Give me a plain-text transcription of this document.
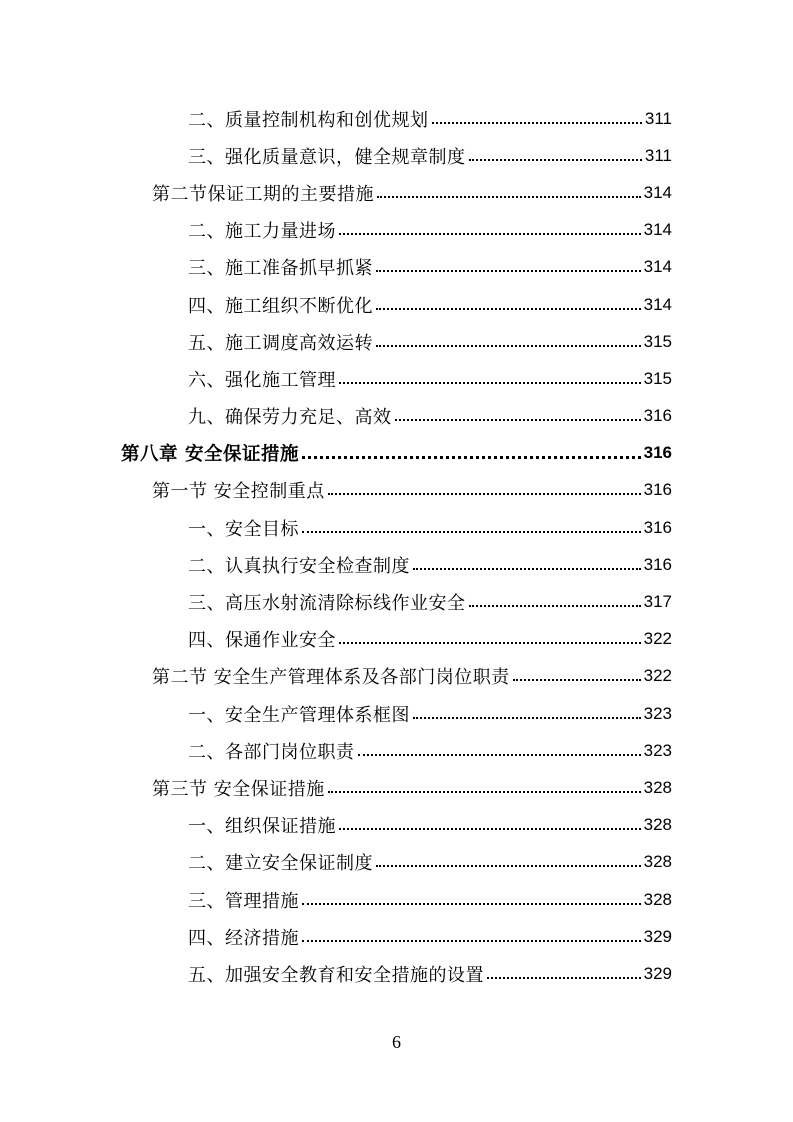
二、质量控制机构和创优规划	311
三、强化质量意识，健全规章制度	311
第二节保证工期的主要措施	314
二、施工力量进场	314
三、施工准备抓早抓紧	314
四、施工组织不断优化	314
五、施工调度高效运转	315
六、强化施工管理	315
九、确保劳力充足、高效	316
第八章 安全保证措施	316
第一节 安全控制重点	316
一、安全目标	316
二、认真执行安全检查制度	316
三、高压水射流清除标线作业安全	317
四、保通作业安全	322
第二节 安全生产管理体系及各部门岗位职责	322
一、安全生产管理体系框图	323
二、各部门岗位职责	323
第三节 安全保证措施	328
一、组织保证措施	328
二、建立安全保证制度	328
三、管理措施	328
四、经济措施	329
五、加强安全教育和安全措施的设置	329
6
